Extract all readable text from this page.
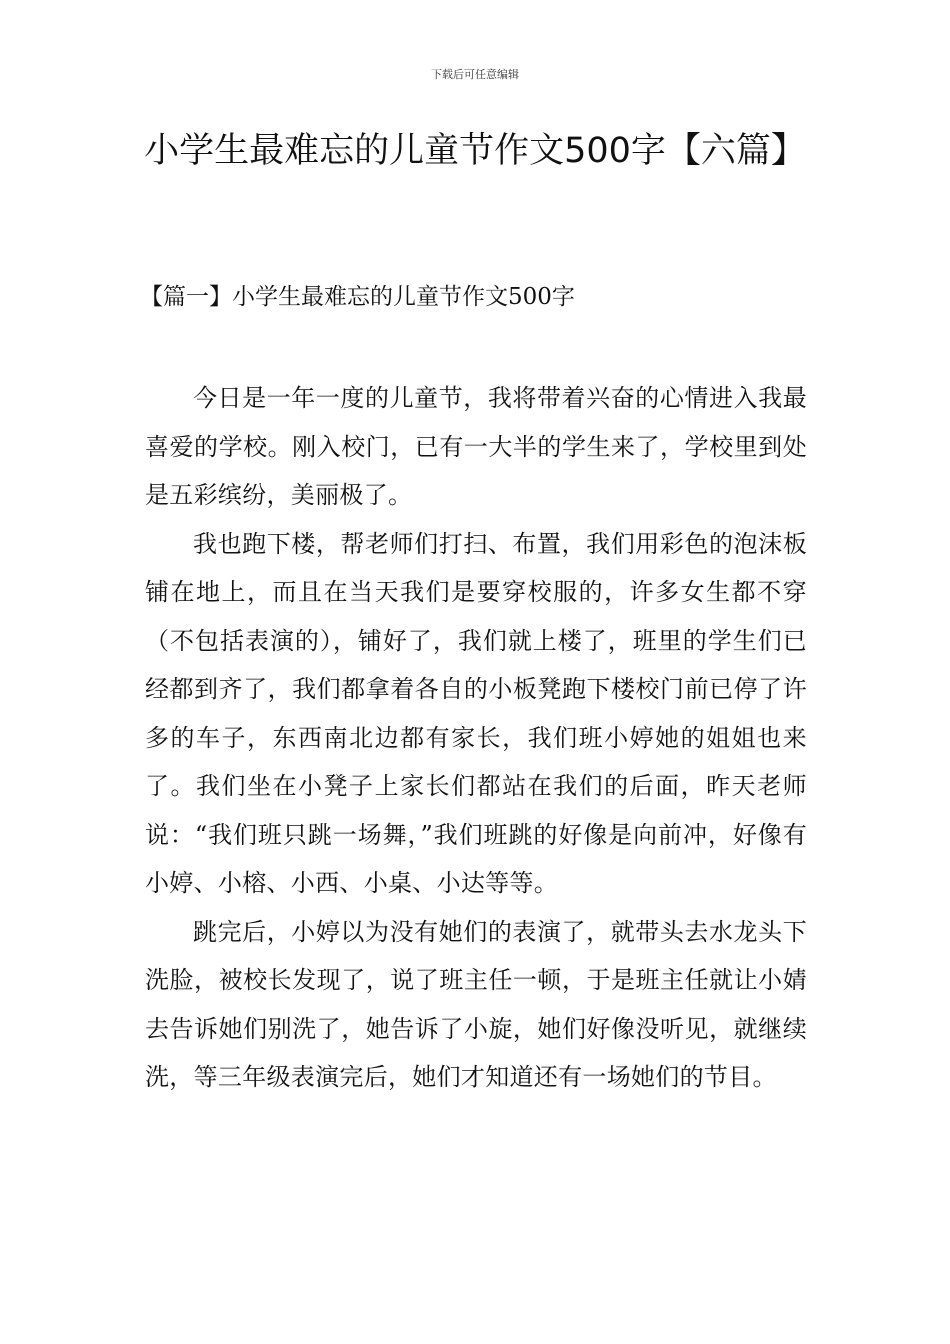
下载后可任意编辑
小学生最难忘的儿童节作文500字【六篇】
【篇一】小学生最难忘的儿童节作文500字

今日是一年一度的儿童节，我将带着兴奋的心情进入我最喜爱的学校。刚入校门，已有一大半的学生来了，学校里到处是五彩缤纷，美丽极了。

我也跑下楼，帮老师们打扫、布置，我们用彩色的泡沫板铺在地上，而且在当天我们是要穿校服的，许多女生都不穿（不包括表演的），铺好了，我们就上楼了，班里的学生们已经都到齐了，我们都拿着各自的小板凳跑下楼校门前已停了许多的车子，东西南北边都有家长，我们班小婷她的姐姐也来了。我们坐在小凳子上家长们都站在我们的后面，昨天老师说：“我们班只跳一场舞，”我们班跳的好像是向前冲，好像有小婷、小榕、小西、小桌、小达等等。

跳完后，小婷以为没有她们的表演了，就带头去水龙头下洗脸，被校长发现了，说了班主任一顿，于是班主任就让小婧去告诉她们别洗了，她告诉了小旋，她们好像没听见，就继续洗，等三年级表演完后，她们才知道还有一场她们的节目。
